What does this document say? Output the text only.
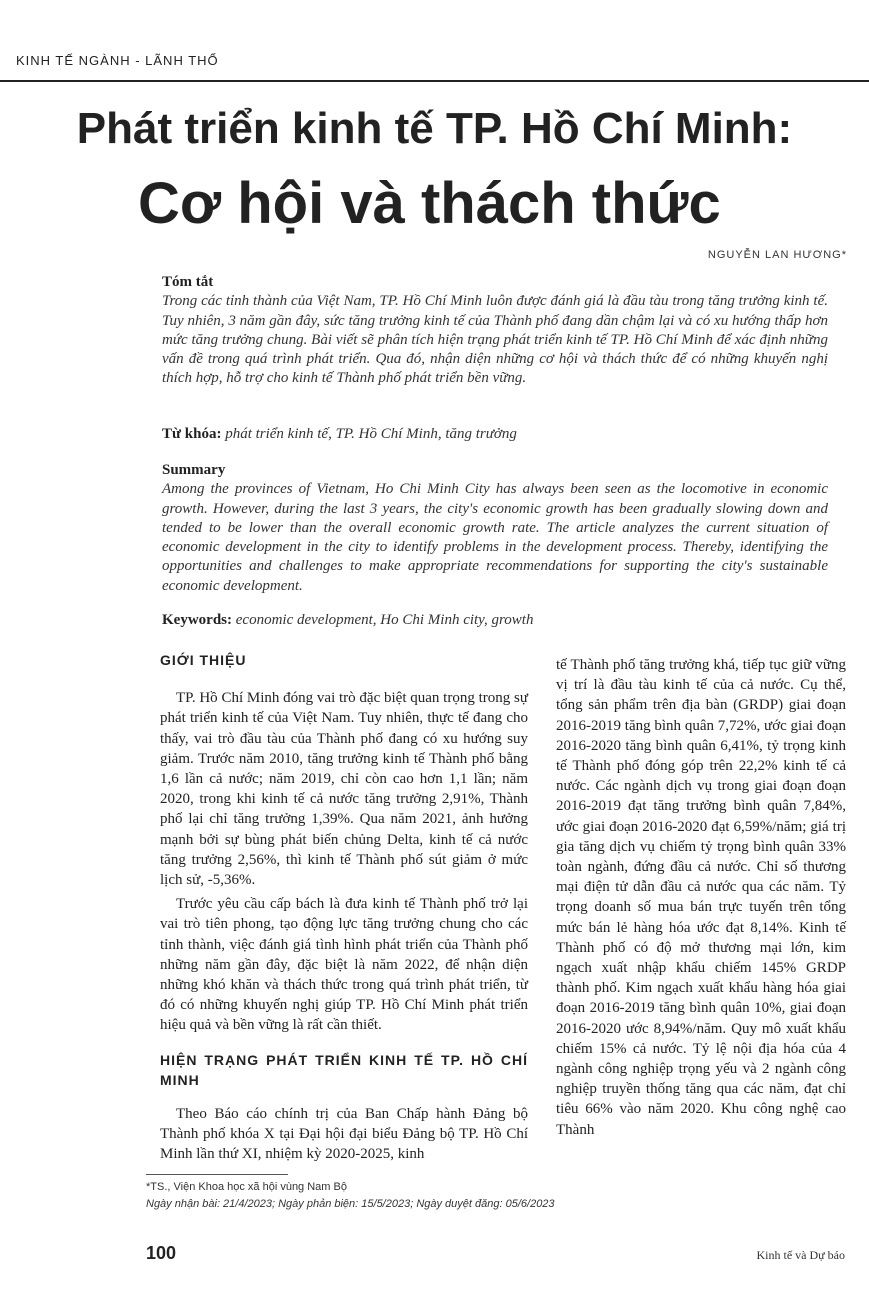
KINH TẾ NGÀNH - LÃNH THỔ
Phát triển kinh tế TP. Hồ Chí Minh:
Cơ hội và thách thức
NGUYỄN LAN HƯƠNG*
Tóm tắt
Trong các tỉnh thành của Việt Nam, TP. Hồ Chí Minh luôn được đánh giá là đầu tàu trong tăng trưởng kinh tế. Tuy nhiên, 3 năm gần đây, sức tăng trưởng kinh tế của Thành phố đang dần chậm lại và có xu hướng thấp hơn mức tăng trưởng chung. Bài viết sẽ phân tích hiện trạng phát triển kinh tế TP. Hồ Chí Minh để xác định những vấn đề trong quá trình phát triển. Qua đó, nhận diện những cơ hội và thách thức để có những khuyến nghị thích hợp, hỗ trợ cho kinh tế Thành phố phát triển bền vững.
Từ khóa: phát triển kinh tế, TP. Hồ Chí Minh, tăng trưởng
Summary
Among the provinces of Vietnam, Ho Chi Minh City has always been seen as the locomotive in economic growth. However, during the last 3 years, the city's economic growth has been gradually slowing down and tended to be lower than the overall economic growth rate. The article analyzes the current situation of economic development in the city to identify problems in the development process. Thereby, identifying the opportunities and challenges to make appropriate recommendations for supporting the city's sustainable economic development.
Keywords: economic development, Ho Chi Minh city, growth
GIỚI THIỆU

TP. Hồ Chí Minh đóng vai trò đặc biệt quan trọng trong sự phát triển kinh tế của Việt Nam. Tuy nhiên, thực tế đang cho thấy, vai trò đầu tàu của Thành phố đang có xu hướng suy giảm. Trước năm 2010, tăng trưởng kinh tế Thành phố bằng 1,6 lần cả nước; năm 2019, chỉ còn cao hơn 1,1 lần; năm 2020, trong khi kinh tế cả nước tăng trưởng 2,91%, Thành phố lại chỉ tăng trưởng 1,39%. Qua năm 2021, ảnh hưởng mạnh bởi sự bùng phát biến chủng Delta, kinh tế cả nước tăng trưởng 2,56%, thì kinh tế Thành phố sút giảm ở mức lịch sử, -5,36%.

Trước yêu cầu cấp bách là đưa kinh tế Thành phố trở lại vai trò tiên phong, tạo động lực tăng trưởng chung cho các tỉnh thành, việc đánh giá tình hình phát triển của Thành phố những năm gần đây, đặc biệt là năm 2022, để nhận diện những khó khăn và thách thức trong quá trình phát triển, từ đó có những khuyến nghị giúp TP. Hồ Chí Minh phát triển hiệu quả và bền vững là rất cần thiết.

HIỆN TRẠNG PHÁT TRIỂN KINH TẾ TP. HỒ CHÍ MINH

Theo Báo cáo chính trị của Ban Chấp hành Đảng bộ Thành phố khóa X tại Đại hội đại biểu Đảng bộ TP. Hồ Chí Minh lần thứ XI, nhiệm kỳ 2020-2025, kinh

tế Thành phố tăng trưởng khá, tiếp tục giữ vững vị trí là đầu tàu kinh tế của cả nước. Cụ thể, tổng sản phẩm trên địa bàn (GRDP) giai đoạn 2016-2019 tăng bình quân 7,72%, ước giai đoạn 2016-2020 tăng bình quân 6,41%, tỷ trọng kinh tế Thành phố đóng góp trên 22,2% kinh tế cả nước. Các ngành dịch vụ trong giai đoạn đoạn 2016-2019 đạt tăng trưởng bình quân 7,84%, ước giai đoạn 2016-2020 đạt 6,59%/năm; giá trị gia tăng dịch vụ chiếm tỷ trọng bình quân 33% toàn ngành, đứng đầu cả nước. Chỉ số thương mại điện tử dẫn đầu cả nước qua các năm. Tỷ trọng doanh số mua bán trực tuyến trên tổng mức bán lẻ hàng hóa ước đạt 8,14%. Kinh tế Thành phố có độ mở thương mại lớn, kim ngạch xuất nhập khẩu chiếm 145% GRDP thành phố. Kim ngạch xuất khẩu hàng hóa giai đoạn 2016-2019 tăng bình quân 10%, giai đoạn 2016-2020 ước 8,94%/năm. Quy mô xuất khẩu chiếm 15% cả nước. Tỷ lệ nội địa hóa của 4 ngành công nghiệp trọng yếu và 2 ngành công nghiệp truyền thống tăng qua các năm, đạt chỉ tiêu 66% vào năm 2020. Khu công nghệ cao Thành

*TS., Viện Khoa học xã hội vùng Nam Bộ
Ngày nhận bài: 21/4/2023; Ngày phản biện: 15/5/2023; Ngày duyệt đăng: 05/6/2023
100	Kinh tế và Dự báo
